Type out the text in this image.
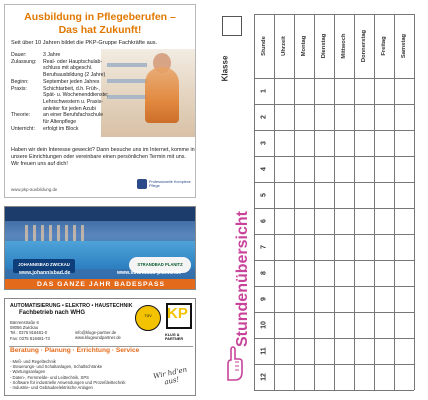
Ausbildung in Pflegeberufen –
Das hat Zukunft!
Seit über 10 Jahren bildet die PKP-Gruppe Fachkräfte aus.
Dauer:	3 Jahre
Zulassung:	Real- oder Hauptschulab-
schluss mit abgeschl.
Berufsausbildung (2 Jahre)
Beginn:	September jeden Jahres
Praxis:	Schichtarbeit, d.h. Früh-,
Spät- u. Wochenenddienste;
Lehrschwestern u. Praxis-
anleiter für jeden Azubi
Theorie:	an einer Berufsfachschule
für Altenpflege
Unterricht:	erfolgt im Block
Haben wir dein Interesse geweckt? Dann besuche uns im Internet, komme in unsere Einrichtungen oder vereinbare einen persönlichen Termin mit uns. Wir freuen uns auf dich!
www.pkp-ausbildung.de
Professionelle Komplexe Pflege
JOHANNISBAD ZWICKAU	STRANDBAD PLANITZ
www.johannisbad.de	www.strandbad-planitz.de
DAS GANZE JAHR BADESPASS
AUTOMATISIERUNG • ELEKTRO • HAUSTECHNIK
Fachbetrieb nach WHG
Bänrenstraße 6
08056 Zwickau
Tel.: 0375 818481-0
Fax: 0375 818481-73
info@kluge-partner.de
www.klugeundpartner.de
TÜV	KP
KLUG & PARTNER
Beratung · Planung · Errichtung · Service
- Meß- und Regeltechnik
- Steuerungs- und Schaltanlagen, Schaltschränke
- Wartungsanlagen
- Daten-, Fernmelde- und Leittechnik, SPS
- Software für industrielle Anwendungen und Prozeßleittechnik
- Industrie- und Gebäudeelektrische Anlagen
Wir hd'en aus!
Klasse
Stundenübersicht
Stunde Uhrzeit Montag Dienstag Mittwoch Donnerstag Freitag Samstag
1
2
3
4
5
6
7
8
9
10
11
12
